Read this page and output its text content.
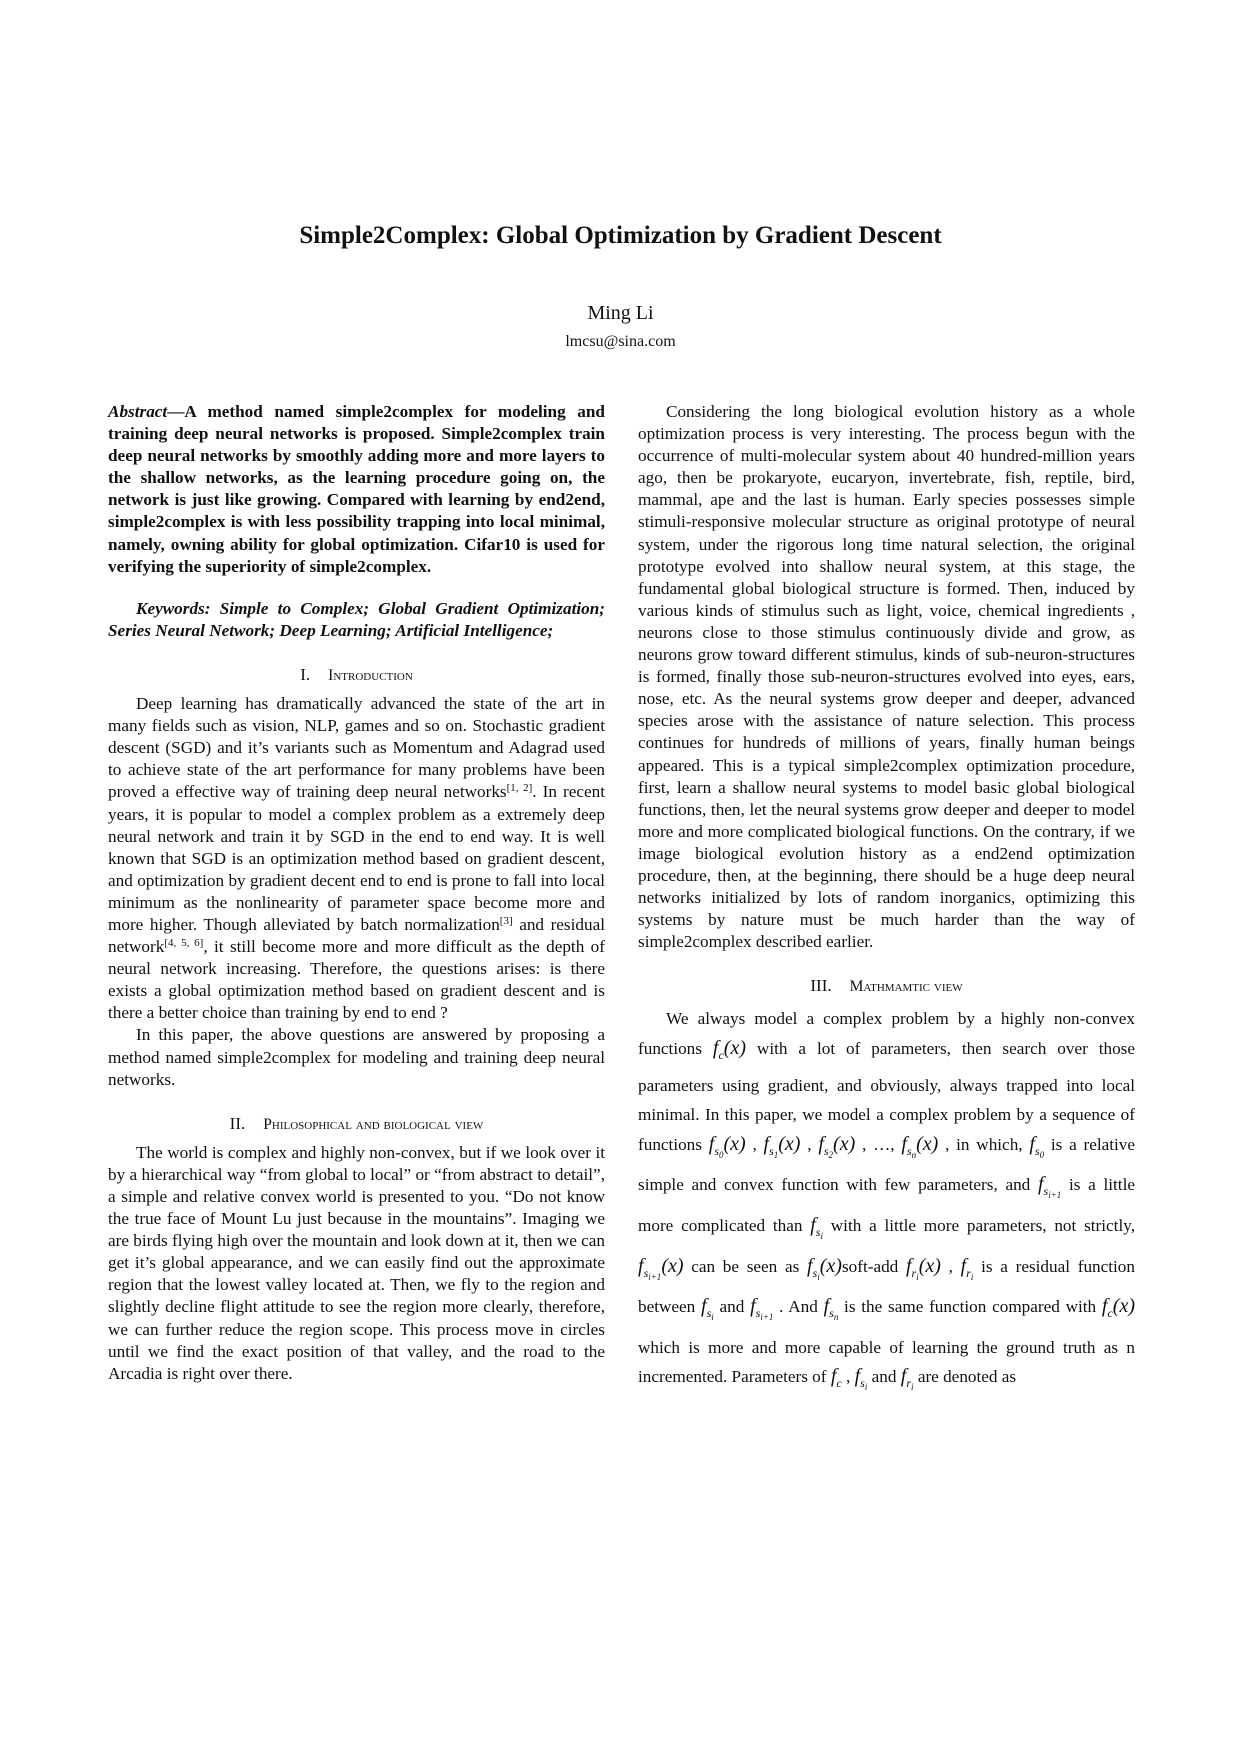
Simple2Complex: Global Optimization by Gradient Descent
Ming Li
lmcsu@sina.com

Abstract—A method named simple2complex for modeling and training deep neural networks is proposed. Simple2complex train deep neural networks by smoothly adding more and more layers to the shallow networks, as the learning procedure going on, the network is just like growing. Compared with learning by end2end, simple2complex is with less possibility trapping into local minimal, namely, owning ability for global optimization. Cifar10 is used for verifying the superiority of simple2complex.

Keywords: Simple to Complex; Global Gradient Optimization; Series Neural Network; Deep Learning; Artificial Intelligence;

I. Introduction

Deep learning has dramatically advanced the state of the art in many fields such as vision, NLP, games and so on. Stochastic gradient descent (SGD) and it’s variants such as Momentum and Adagrad used to achieve state of the art performance for many problems have been proved a effective way of training deep neural networks[1, 2]. In recent years, it is popular to model a complex problem as a extremely deep neural network and train it by SGD in the end to end way. It is well known that SGD is an optimization method based on gradient descent, and optimization by gradient decent end to end is prone to fall into local minimum as the nonlinearity of parameter space become more and more higher. Though alleviated by batch normalization[3] and residual network[4, 5, 6], it still become more and more difficult as the depth of neural network increasing. Therefore, the questions arises: is there exists a global optimization method based on gradient descent and is there a better choice than training by end to end ?

In this paper, the above questions are answered by proposing a method named simple2complex for modeling and training deep neural networks.

II. Philosophical and biological view

The world is complex and highly non-convex, but if we look over it by a hierarchical way “from global to local” or “from abstract to detail”, a simple and relative convex world is presented to you. “Do not know the true face of Mount Lu just because in the mountains”. Imaging we are birds flying high over the mountain and look down at it, then we can get it’s global appearance, and we can easily find out the approximate region that the lowest valley located at. Then, we fly to the region and slightly decline flight attitude to see the region more clearly, therefore, we can further reduce the region scope. This process move in circles until we find the exact position of that valley, and the road to the Arcadia is right over there.

Considering the long biological evolution history as a whole optimization process is very interesting. The process begun with the occurrence of multi-molecular system about 40 hundred-million years ago, then be prokaryote, eucaryon, invertebrate, fish, reptile, bird, mammal, ape and the last is human. Early species possesses simple stimuli-responsive molecular structure as original prototype of neural system, under the rigorous long time natural selection, the original prototype evolved into shallow neural system, at this stage, the fundamental global biological structure is formed. Then, induced by various kinds of stimulus such as light, voice, chemical ingredients , neurons close to those stimulus continuously divide and grow, as neurons grow toward different stimulus, kinds of sub-neuron-structures is formed, finally those sub-neuron-structures evolved into eyes, ears, nose, etc. As the neural systems grow deeper and deeper, advanced species arose with the assistance of nature selection. This process continues for hundreds of millions of years, finally human beings appeared. This is a typical simple2complex optimization procedure, first, learn a shallow neural systems to model basic global biological functions, then, let the neural systems grow deeper and deeper to model more and more complicated biological functions. On the contrary, if we image biological evolution history as a end2end optimization procedure, then, at the beginning, there should be a huge deep neural networks initialized by lots of random inorganics, optimizing this systems by nature must be much harder than the way of simple2complex described earlier.

III. Mathmamtic view

We always model a complex problem by a highly non-convex functions $f_c(x)$ with a lot of parameters, then search over those parameters using gradient, and obviously, always trapped into local minimal. In this paper, we model a complex problem by a sequence of functions $f_{s_0}(x)$ , $f_{s_1}(x)$ , $f_{s_2}(x)$ , …, $f_{s_n}(x)$ , in which, $f_{s_0}$ is a relative simple and convex function with few parameters, and $f_{s_{i+1}}$ is a little more complicated than $f_{s_i}$ with a little more parameters, not strictly, $f_{s_{i+1}}(x)$ can be seen as $f_{s_i}(x)soft$-add $f_{r_i}(x)$ , $f_{r_i}$ is a residual function between $f_{s_i}$ and $f_{s_{i+1}}$ . And $f_{s_n}$ is the same function compared with $f_c(x)$ which is more and more capable of learning the ground truth as n incremented. Parameters of $f_c$ , $f_{s_i}$ and $f_{r_i}$ are denoted as
